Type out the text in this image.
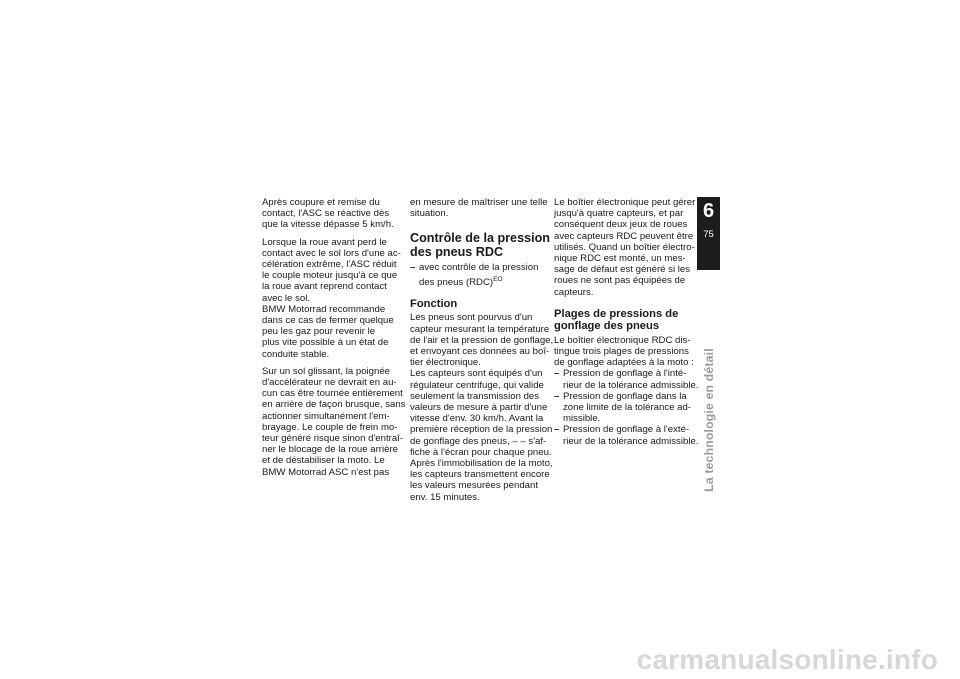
Après coupure et remise du
contact, l'ASC se réactive dès
que la vitesse dépasse 5 km/h.

Lorsque la roue avant perd le
contact avec le sol lors d'une ac-
célération extrême, l'ASC réduit
le couple moteur jusqu'à ce que
la roue avant reprend contact
avec le sol.

BMW Motorrad recommande
dans ce cas de fermer quelque
peu les gaz pour revenir le
plus vite possible à un état de
conduite stable.

Sur un sol glissant, la poignée
d'accélérateur ne devrait en au-
cun cas être tournée entièrement
en arrière de façon brusque, sans
actionner simultanément l'em-
brayage. Le couple de frein mo-
teur généré risque sinon d'entraî-
ner le blocage de la roue arrière
et de déstabiliser la moto. Le
BMW Motorrad ASC n'est pas

en mesure de maîtriser une telle
situation.

Contrôle de la pression
des pneus RDC
– avec contrôle de la pression
des pneus (RDC)$^{EO}$
Fonction

Les pneus sont pourvus d'un
capteur mesurant la température
de l'air et la pression de gonflage,
et envoyant ces données au boî-
tier électronique.

Les capteurs sont équipés d'un
régulateur centrifuge, qui valide
seulement la transmission des
valeurs de mesure à partir d'une
vitesse d'env. 30 km/h. Avant la
première réception de la pression
de gonflage des pneus, – – s'af-
fiche à l'écran pour chaque pneu.
Après l'immobilisation de la moto,
les capteurs transmettent encore
les valeurs mesurées pendant
env. 15 minutes.

Le boîtier électronique peut gérer
jusqu'à quatre capteurs, et par
conséquent deux jeux de roues
avec capteurs RDC peuvent être
utilisés. Quand un boîtier électro-
nique RDC est monté, un mes-
sage de défaut est généré si les
roues ne sont pas équipées de
capteurs.

Plages de pressions de
gonflage des pneus

Le boîtier électronique RDC dis-
tingue trois plages de pressions
de gonflage adaptées à la moto :

– Pression de gonflage à l'inté-
rieur de la tolérance admissible.
– Pression de gonflage dans la
zone limite de la tolérance ad-
missible.
– Pression de gonflage à l'exté-
rieur de la tolérance admissible.
6
75
La technologie en détail
carmanualsonline.info
